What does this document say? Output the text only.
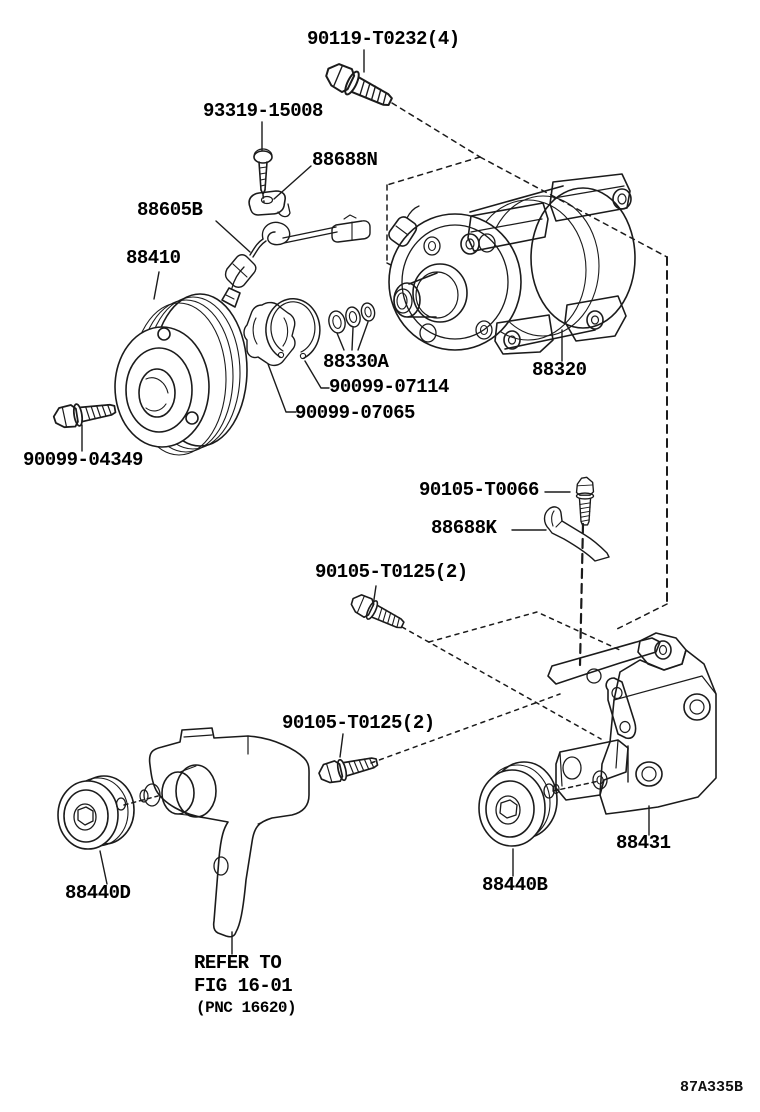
90119-T0232(4)
93319-15008
88688N
88605B
88410
88330A
90099-07114
90099-07065
90099-04349
88320
90105-T0066
88688K
90105-T0125(2)
90105-T0125(2)
88431
88440B
88440D
REFER TO
FIG 16-01
(PNC 16620)
87A335B
